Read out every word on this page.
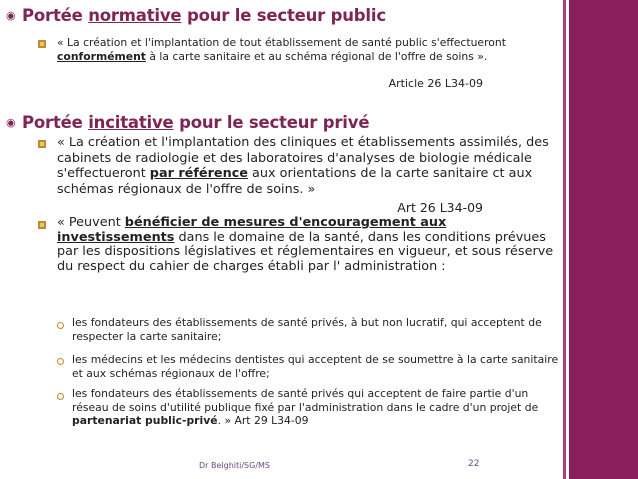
◉ Portée normative pour le secteur public
« La création et l'implantation de tout établissement de santé public s'effectueront conformément à la carte sanitaire et au schéma régional de l'offre de soins ».
Article 26 L34-09
◉ Portée incitative pour le secteur privé
« La création et l'implantation des cliniques et établissements assimilés, des cabinets de radiologie et des laboratoires d'analyses de biologie médicale s'effectueront par référence aux orientations de la carte sanitaire ct aux schémas régionaux de l'offre de soins. »
Art 26 L34-09
« Peuvent bénéficier de mesures d'encouragement aux investissements dans le domaine de la santé, dans les conditions prévues par les dispositions législatives et réglementaires en vigueur, et sous réserve du respect du cahier de charges établi par l' administration :
les fondateurs des établissements de santé privés, à but non lucratif, qui acceptent de respecter la carte sanitaire;
les médecins et les médecins dentistes qui acceptent de se soumettre à la carte sanitaire et aux schémas régionaux de l'offre;
les fondateurs des établissements de santé privés qui acceptent de faire partie d'un réseau de soins d'utilité publique fixé par l'administration dans le cadre d'un projet de partenariat public-privé. » Art 29 L34-09
Dr Belghiti/SG/MS	22
